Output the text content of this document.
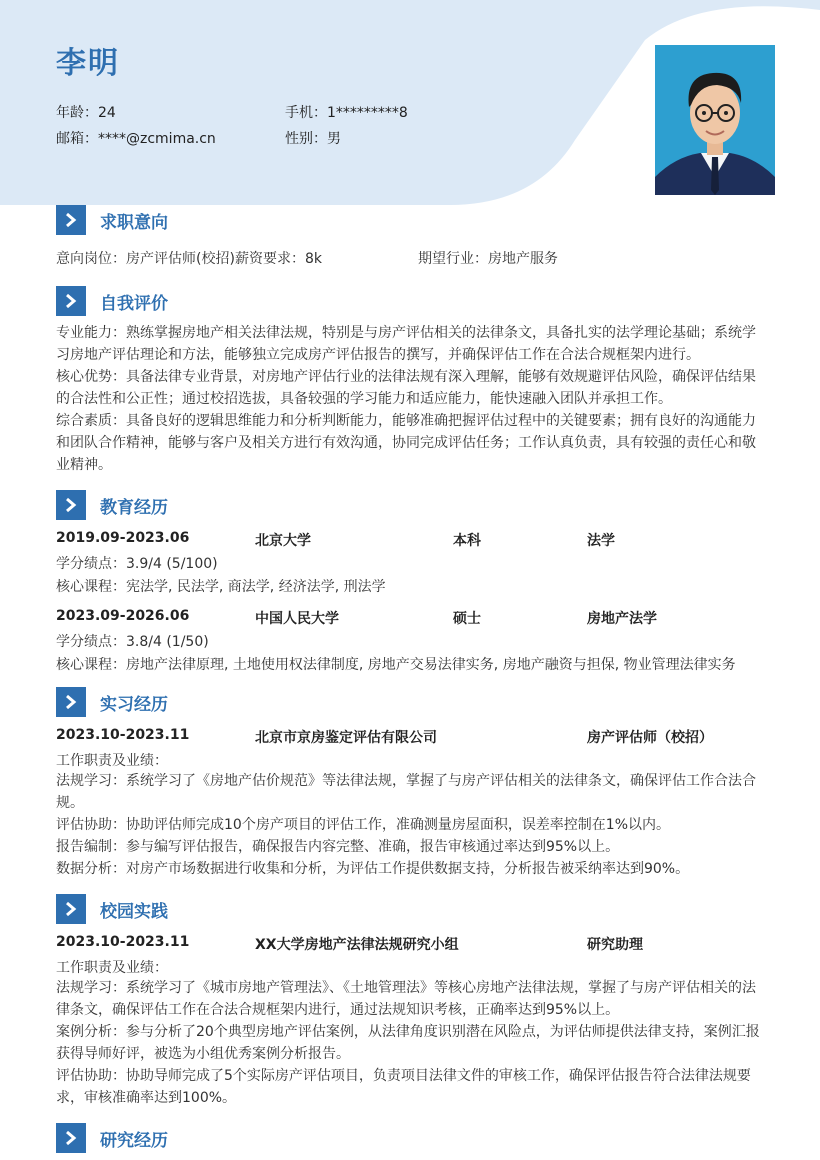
李明
年龄：24	手机：1*********8
邮箱：****@zcmima.cn	性别：男
求职意向
意向岗位：房产评估师(校招) 薪资要求：8k	期望行业：房地产服务
自我评价
专业能力：熟练掌握房地产相关法律法规，特别是与房产评估相关的法律条文，具备扎实的法学理论基础；系统学习房地产评估理论和方法，能够独立完成房产评估报告的撰写，并确保评估工作在合法合规框架内进行。
核心优势：具备法律专业背景，对房地产评估行业的法律法规有深入理解，能够有效规避评估风险，确保评估结果的合法性和公正性；通过校招选拔，具备较强的学习能力和适应能力，能快速融入团队并承担工作。
综合素质：具备良好的逻辑思维能力和分析判断能力，能够准确把握评估过程中的关键要素；拥有良好的沟通能力和团队合作精神，能够与客户及相关方进行有效沟通，协同完成评估任务；工作认真负责，具有较强的责任心和敬业精神。
教育经历
2019.09-2023.06	北京大学	本科	法学
学分绩点：3.9/4 (5/100)
核心课程：宪法学, 民法学, 商法学, 经济法学, 刑法学
2023.09-2026.06	中国人民大学	硕士	房地产法学
学分绩点：3.8/4 (1/50)
核心课程：房地产法律原理, 土地使用权法律制度, 房地产交易法律实务, 房地产融资与担保, 物业管理法律实务
实习经历
2023.10-2023.11	北京市京房鉴定评估有限公司	房产评估师（校招）
工作职责及业绩：
法规学习：系统学习了《房地产估价规范》等法律法规，掌握了与房产评估相关的法律条文，确保评估工作合法合规。
评估协助：协助评估师完成10个房产项目的评估工作，准确测量房屋面积，误差率控制在1%以内。
报告编制：参与编写评估报告，确保报告内容完整、准确，报告审核通过率达到95%以上。
数据分析：对房产市场数据进行收集和分析，为评估工作提供数据支持，分析报告被采纳率达到90%。
校园实践
2023.10-2023.11	XX大学房地产法律法规研究小组	研究助理
工作职责及业绩：
法规学习：系统学习了《城市房地产管理法》、《土地管理法》等核心房地产法律法规，掌握了与房产评估相关的法律条文，确保评估工作在合法合规框架内进行，通过法规知识考核，正确率达到95%以上。
案例分析：参与分析了20个典型房地产评估案例，从法律角度识别潜在风险点，为评估师提供法律支持，案例汇报获得导师好评，被选为小组优秀案例分析报告。
评估协助：协助导师完成了5个实际房产评估项目，负责项目法律文件的审核工作，确保评估报告符合法律法规要求，审核准确率达到100%。
研究经历
